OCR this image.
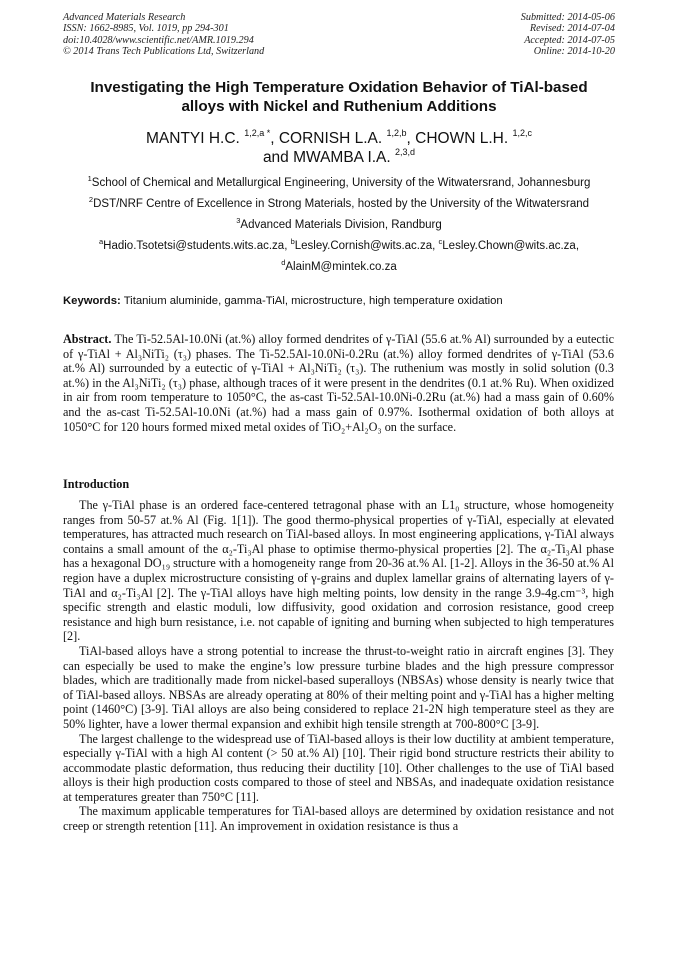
Advanced Materials Research
ISSN: 1662-8985, Vol. 1019, pp 294-301
doi:10.4028/www.scientific.net/AMR.1019.294
© 2014 Trans Tech Publications Ltd, Switzerland
Submitted: 2014-05-06
Revised: 2014-07-04
Accepted: 2014-07-05
Online: 2014-10-20
Investigating the High Temperature Oxidation Behavior of TiAl-based
alloys with Nickel and Ruthenium Additions
MANTYI H.C. $^{1,2,a *}$, CORNISH L.A. $^{1,2,b}$, CHOWN L.H. $^{1,2,c}$
and MWAMBA I.A. $^{2,3,d}$
$^1$School of Chemical and Metallurgical Engineering, University of the Witwatersrand, Johannesburg
$^2$DST/NRF Centre of Excellence in Strong Materials, hosted by the University of the Witwatersrand
$^3$Advanced Materials Division, Randburg
$^a$Hadio.Tsotetsi@students.wits.ac.za, $^b$Lesley.Cornish@wits.ac.za, $^c$Lesley.Chown@wits.ac.za,
$^d$AlainM@mintek.co.za
Keywords: Titanium aluminide, gamma-TiAl, microstructure, high temperature oxidation

Abstract. The Ti-52.5Al-10.0Ni (at.%) alloy formed dendrites of γ-TiAl (55.6 at.% Al) surrounded by a eutectic of γ-TiAl + Al₃NiTi₂ (τ₃) phases. The Ti-52.5Al-10.0Ni-0.2Ru (at.%) alloy formed dendrites of γ-TiAl (53.6 at.% Al) surrounded by a eutectic of γ-TiAl + Al₃NiTi₂ (τ₃). The ruthenium was mostly in solid solution (0.3 at.%) in the Al₃NiTi₂ (τ₃) phase, although traces of it were present in the dendrites (0.1 at.% Ru). When oxidized in air from room temperature to 1050°C, the as-cast Ti-52.5Al-10.0Ni-0.2Ru (at.%) had a mass gain of 0.60% and the as-cast Ti-52.5Al-10.0Ni (at.%) had a mass gain of 0.97%. Isothermal oxidation of both alloys at 1050°C for 120 hours formed mixed metal oxides of TiO₂+Al₂O₃ on the surface.

Introduction

The γ-TiAl phase is an ordered face-centered tetragonal phase with an L1₀ structure, whose homogeneity ranges from 50-57 at.% Al (Fig. 1[1]). The good thermo-physical properties of γ-TiAl, especially at elevated temperatures, has attracted much research on TiAl-based alloys. In most engineering applications, γ-TiAl always contains a small amount of the α₂-Ti₃Al phase to optimise thermo-physical properties [2]. The α₂-Ti₃Al phase has a hexagonal DO₁₉ structure with a homogeneity range from 20-36 at.% Al. [1-2]. Alloys in the 36-50 at.% Al region have a duplex microstructure consisting of γ-grains and duplex lamellar grains of alternating layers of γ-TiAl and α₂-Ti₃Al [2]. The γ-TiAl alloys have high melting points, low density in the range 3.9-4g.cm⁻³, high specific strength and elastic moduli, low diffusivity, good oxidation and corrosion resistance, good creep resistance and high burn resistance, i.e. not capable of igniting and burning when subjected to high temperatures [2].

TiAl-based alloys have a strong potential to increase the thrust-to-weight ratio in aircraft engines [3]. They can especially be used to make the engine’s low pressure turbine blades and the high pressure compressor blades, which are traditionally made from nickel-based superalloys (NBSAs) whose density is nearly twice that of TiAl-based alloys. NBSAs are already operating at 80% of their melting point and γ-TiAl has a higher melting point (1460°C) [3-9]. TiAl alloys are also being considered to replace 21-2N high temperature steel as they are 50% lighter, have a lower thermal expansion and exhibit high tensile strength at 700-800°C [3-9].

The largest challenge to the widespread use of TiAl-based alloys is their low ductility at ambient temperature, especially γ-TiAl with a high Al content (> 50 at.% Al) [10]. Their rigid bond structure restricts their ability to accommodate plastic deformation, thus reducing their ductility [10]. Other challenges to the use of TiAl based alloys is their high production costs compared to those of steel and NBSAs, and inadequate oxidation resistance at temperatures greater than 750°C [11].

The maximum applicable temperatures for TiAl-based alloys are determined by oxidation resistance and not creep or strength retention [11]. An improvement in oxidation resistance is thus a
